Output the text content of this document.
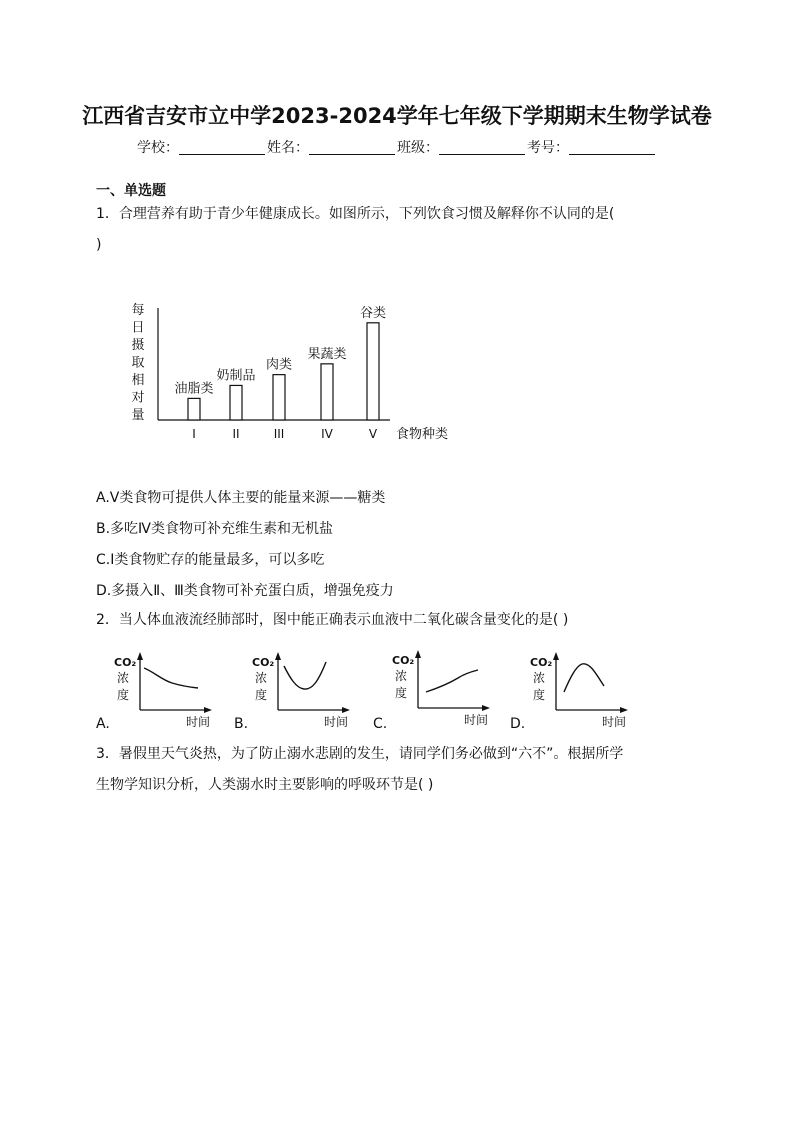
江西省吉安市立中学2023-2024学年七年级下学期期末生物学试卷
学校：	姓名：	班级：	考号：
一、单选题
1．合理营养有助于青少年健康成长。如图所示，下列饮食习惯及解释你不认同的是(
)
每
日
摄
取
相
对
量
食物种类
油脂类
I
奶制品
II
肉类
III
果蔬类
IV
谷类
V
A.V类食物可提供人体主要的能量来源——糖类
B.多吃Ⅳ类食物可补充维生素和无机盐
C.I类食物贮存的能量最多，可以多吃
D.多摄入Ⅱ、Ⅲ类食物可补充蛋白质，增强免疫力
2．当人体血液流经肺部时，图中能正确表示血液中二氧化碳含量变化的是( )
A.	B.	C.	D.
CO₂
浓
度
时间
CO₂
浓
度
时间
CO₂
浓
度
时间
CO₂
浓
度
时间
3．暑假里天气炎热，为了防止溺水悲剧的发生，请同学们务必做到“六不”。根据所学
生物学知识分析，人类溺水时主要影响的呼吸环节是( )
